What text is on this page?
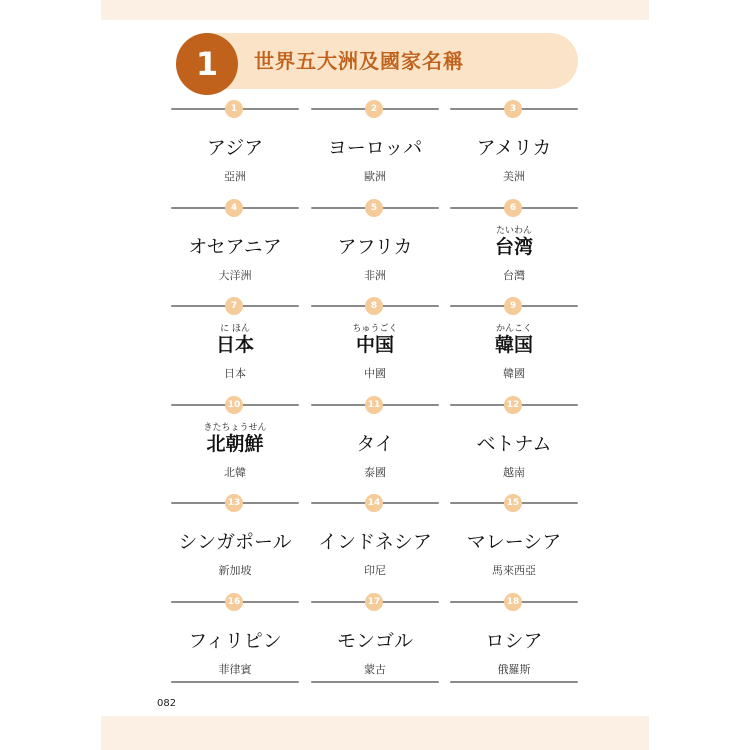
1	世界五大洲及國家名稱
1
アジア
亞洲
2
ヨーロッパ
歐洲
3
アメリカ
美洲
4
オセアニア
大洋洲
5
アフリカ
非洲
6
たいわん
台湾
台灣
7
に ほん
日本
日本
8
ちゅうごく
中国
中國
9
かんこく
韓国
韓國
10
きたちょうせん
北朝鮮
北韓
11
タイ
泰國
12
ベトナム
越南
13
シンガポール
新加坡
14
インドネシア
印尼
15
マレーシア
馬來西亞
16
フィリピン
菲律賓
17
モンゴル
蒙古
18
ロシア
俄羅斯
082
